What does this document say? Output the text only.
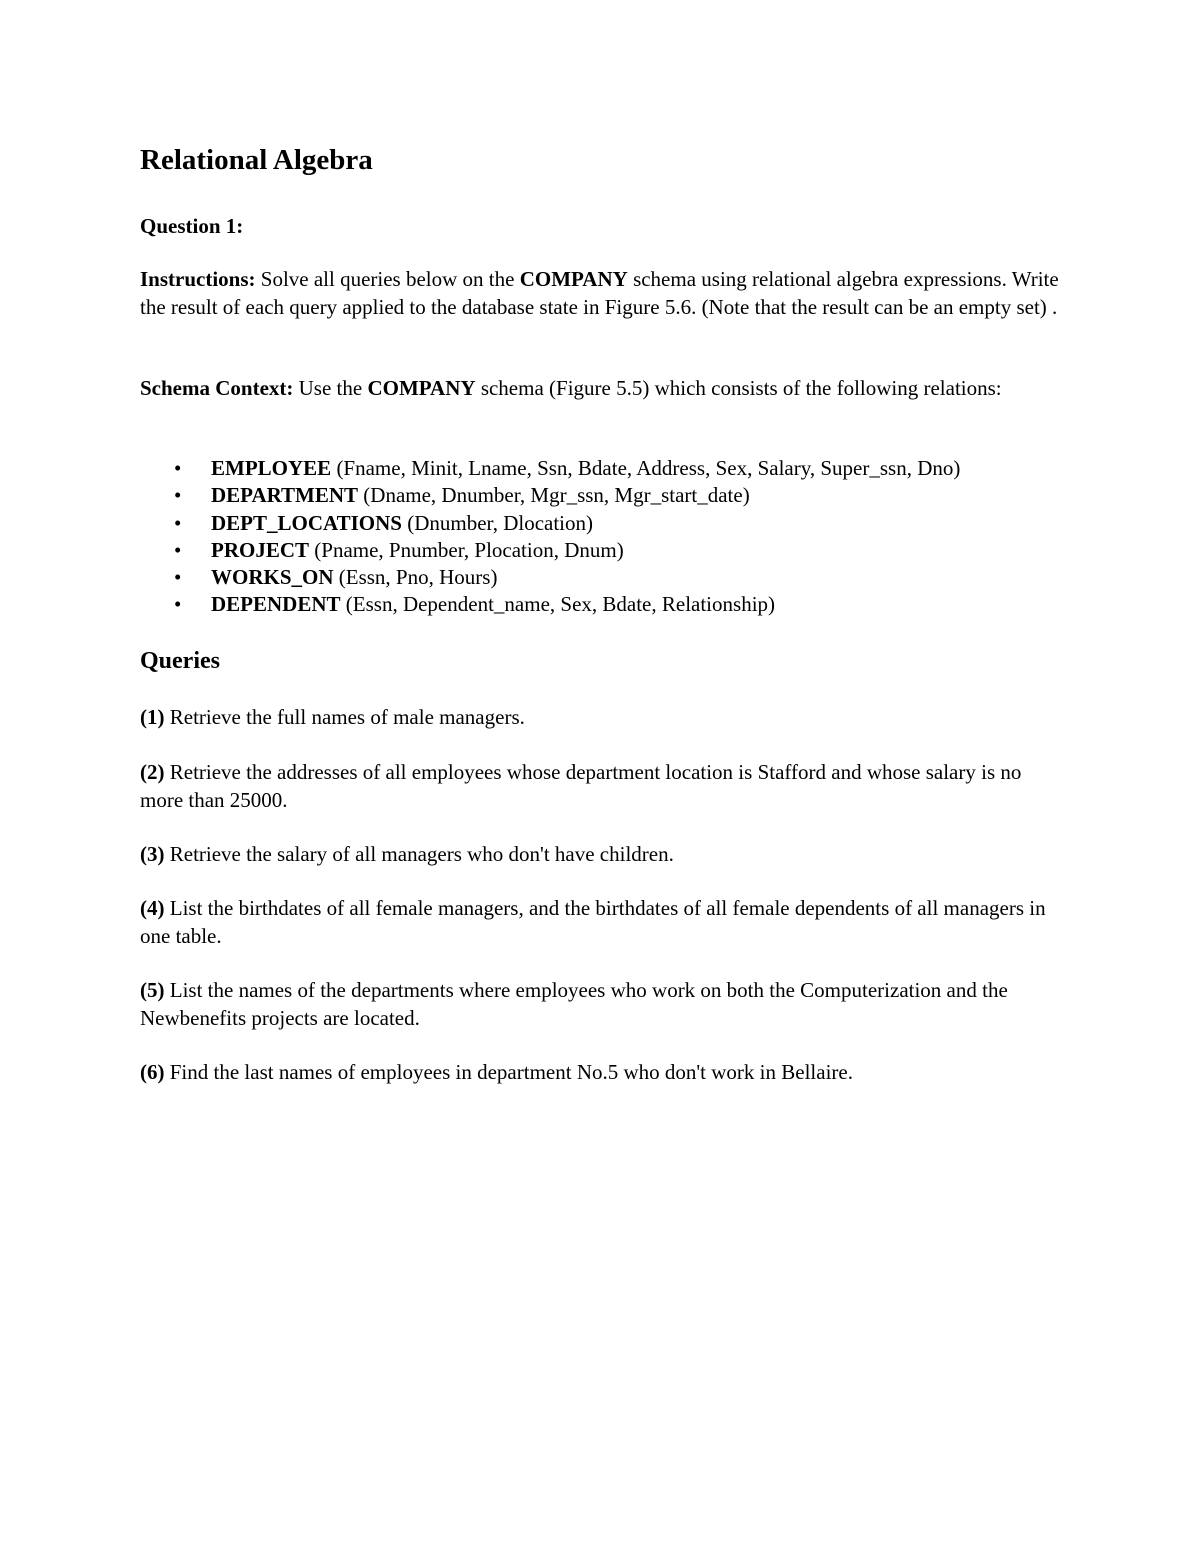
Relational Algebra

Question 1:

Instructions: Solve all queries below on the COMPANY schema using relational algebra expressions. Write the result of each query applied to the database state in Figure 5.6. (Note that the result can be an empty set) .

Schema Context: Use the COMPANY schema (Figure 5.5) which consists of the following relations:

• EMPLOYEE (Fname, Minit, Lname, Ssn, Bdate, Address, Sex, Salary, Super_ssn, Dno)
• DEPARTMENT (Dname, Dnumber, Mgr_ssn, Mgr_start_date)
• DEPT_LOCATIONS (Dnumber, Dlocation)
• PROJECT (Pname, Pnumber, Plocation, Dnum)
• WORKS_ON (Essn, Pno, Hours)
• DEPENDENT (Essn, Dependent_name, Sex, Bdate, Relationship)
Queries

(1) Retrieve the full names of male managers.

(2) Retrieve the addresses of all employees whose department location is Stafford and whose salary is no more than 25000.

(3) Retrieve the salary of all managers who don't have children.

(4) List the birthdates of all female managers, and the birthdates of all female dependents of all managers in one table.

(5) List the names of the departments where employees who work on both the Computerization and the Newbenefits projects are located.

(6) Find the last names of employees in department No.5 who don't work in Bellaire.
